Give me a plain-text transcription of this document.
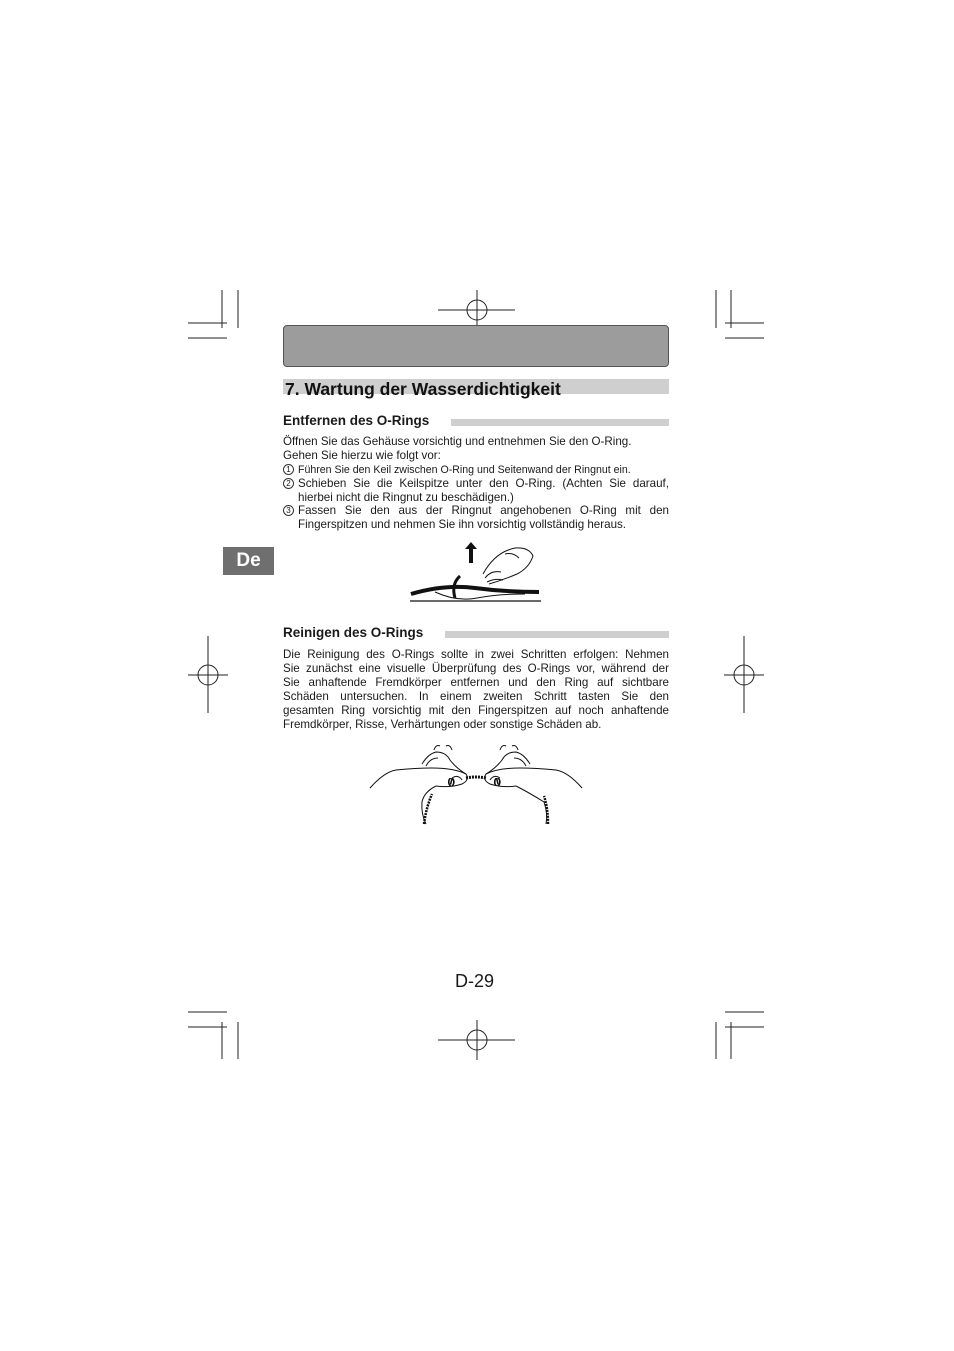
7. Wartung der Wasserdichtigkeit
Entfernen des O-Rings
Öffnen Sie das Gehäuse vorsichtig und entnehmen Sie den O-Ring.
Gehen Sie hierzu wie folgt vor:
1 Führen Sie den Keil zwischen O-Ring und Seitenwand der Ringnut ein.
2 Schieben Sie die Keilspitze unter den O-Ring. (Achten Sie darauf,
hierbei nicht die Ringnut zu beschädigen.)
3 Fassen Sie den aus der Ringnut angehobenen O-Ring mit den
Fingerspitzen und nehmen Sie ihn vorsichtig vollständig heraus.
De
Reinigen des O-Rings
Die Reinigung des O-Rings sollte in zwei Schritten erfolgen: Nehmen
Sie zunächst eine visuelle Überprüfung des O-Rings vor, während der
Sie anhaftende Fremdkörper entfernen und den Ring auf sichtbare
Schäden untersuchen. In einem zweiten Schritt tasten Sie den
gesamten Ring vorsichtig mit den Fingerspitzen auf noch anhaftende
Fremdkörper, Risse, Verhärtungen oder sonstige Schäden ab.
(/)	(\)
D-29
